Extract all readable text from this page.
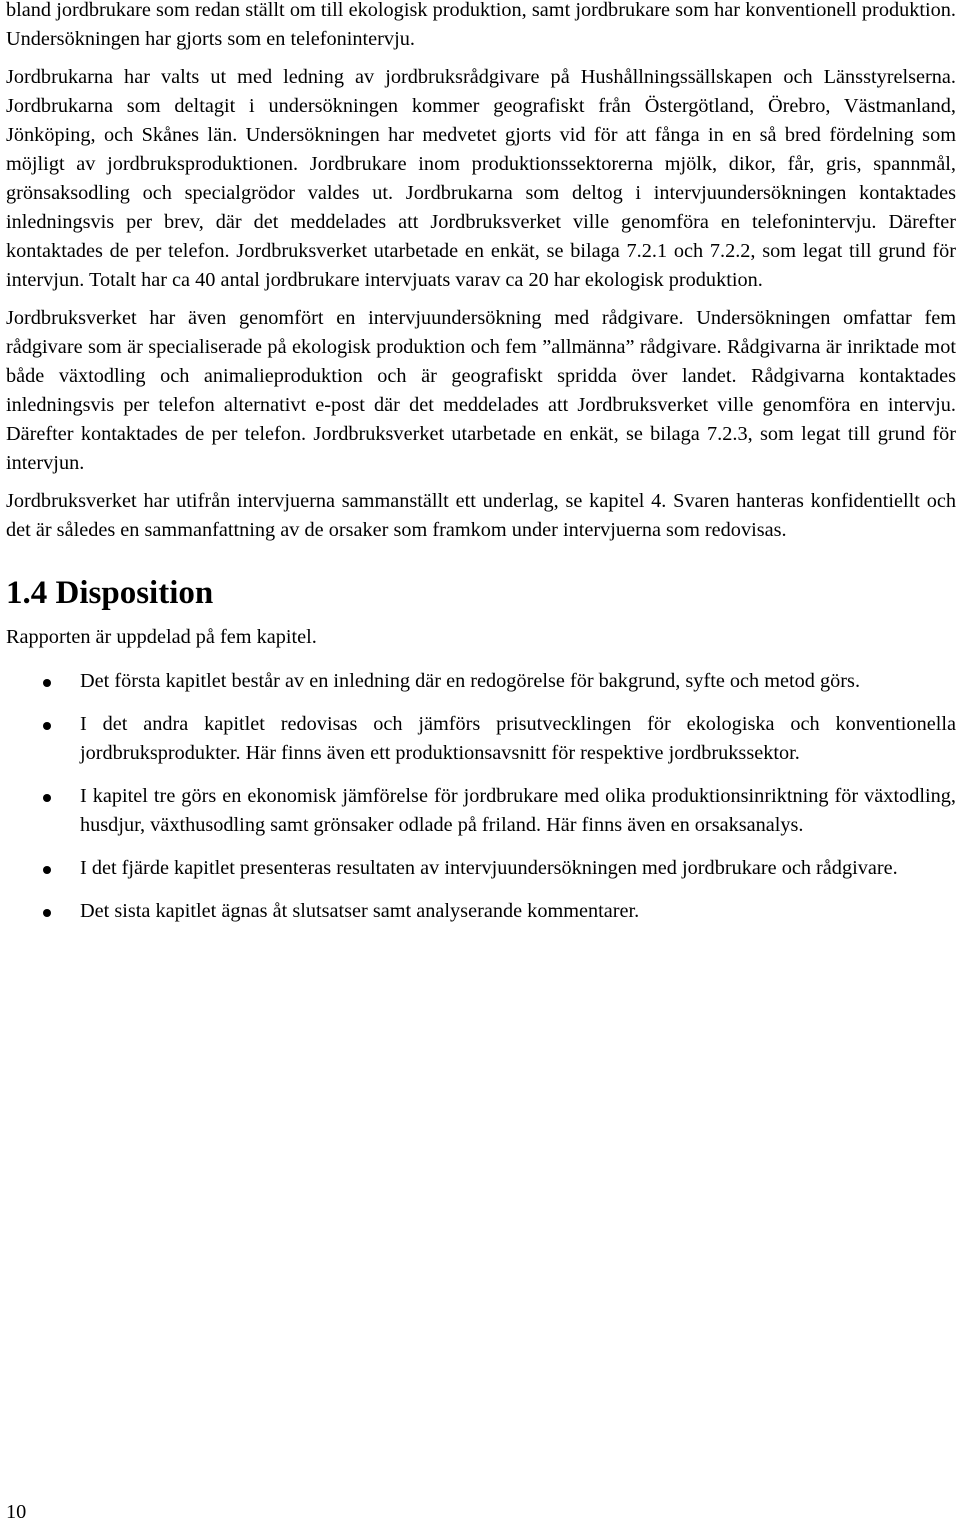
bland jordbrukare som redan ställt om till ekologisk produktion, samt jordbrukare som har konventionell produktion. Undersökningen har gjorts som en telefonintervju.

Jordbrukarna har valts ut med ledning av jordbruksrådgivare på Hushållningssällskapen och Länsstyrelserna. Jordbrukarna som deltagit i undersökningen kommer geografiskt från Östergötland, Örebro, Västmanland, Jönköping, och Skånes län. Undersökningen har medvetet gjorts vid för att fånga in en så bred fördelning som möjligt av jordbruksproduktionen. Jordbrukare inom produktionssektorerna mjölk, dikor, får, gris, spannmål, grönsaksodling och specialgrödor valdes ut. Jordbrukarna som deltog i intervjuundersökningen kontaktades inledningsvis per brev, där det meddelades att Jordbruksverket ville genomföra en telefonintervju. Därefter kontaktades de per telefon. Jordbruksverket utarbetade en enkät, se bilaga 7.2.1 och 7.2.2, som legat till grund för intervjun. Totalt har ca 40 antal jordbrukare intervjuats varav ca 20 har ekologisk produktion.

Jordbruksverket har även genomfört en intervjuundersökning med rådgivare. Undersökningen omfattar fem rådgivare som är specialiserade på ekologisk produktion och fem ”allmänna” rådgivare. Rådgivarna är inriktade mot både växtodling och animalieproduktion och är geografiskt spridda över landet. Rådgivarna kontaktades inledningsvis per telefon alternativt e-post där det meddelades att Jordbruksverket ville genomföra en intervju. Därefter kontaktades de per telefon. Jordbruksverket utarbetade en enkät, se bilaga 7.2.3, som legat till grund för intervjun.

Jordbruksverket har utifrån intervjuerna sammanställt ett underlag, se kapitel 4. Svaren hanteras konfidentiellt och det är således en sammanfattning av de orsaker som framkom under intervjuerna som redovisas.

1.4 Disposition

Rapporten är uppdelad på fem kapitel.

Det första kapitlet består av en inledning där en redogörelse för bakgrund, syfte och metod görs.
I det andra kapitlet redovisas och jämförs prisutvecklingen för ekologiska och konventionella jordbruksprodukter. Här finns även ett produktionsavsnitt för respektive jordbrukssektor.
I kapitel tre görs en ekonomisk jämförelse för jordbrukare med olika produktionsinriktning för växtodling, husdjur, växthusodling samt grönsaker odlade på friland. Här finns även en orsaksanalys.
I det fjärde kapitlet presenteras resultaten av intervjuundersökningen med jordbrukare och rådgivare.
Det sista kapitlet ägnas åt slutsatser samt analyserande kommentarer.
10
